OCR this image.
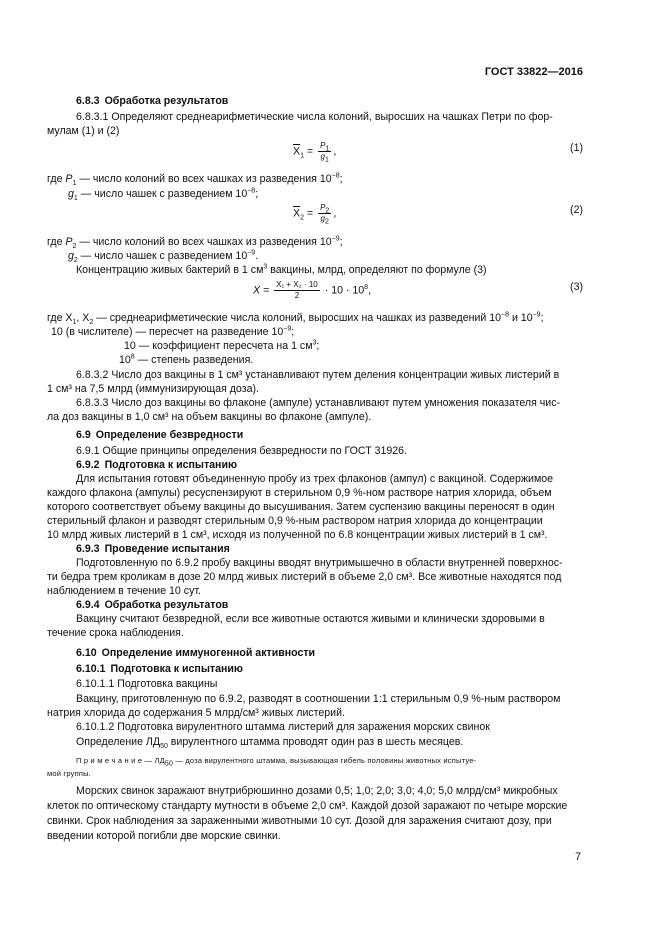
ГОСТ 33822—2016
6.8.3 Обработка результатов
6.8.3.1 Определяют среднеарифметические числа колоний, выросших на чашках Петри по фор-
мулам (1) и (2)
$\overline{X}_1 = \frac{P_1}{g_1}$ ,	(1)
где $P_1$ — число колоний во всех чашках из разведения $10^{-8}$;
$g_1$ — число чашек с разведением $10^{-8}$;
$\overline{X}_2 = \frac{P_2}{g_2}$ ,	(2)
где $P_2$ — число колоний во всех чашках из разведения $10^{-9}$;
$g_2$ — число чашек с разведением $10^{-9}$.
Концентрацию живых бактерий в 1 $см^3$ вакцины, млрд, определяют по формуле (3)
$X = \frac{\text{X₁ + X₂ · 10}}{2} \cdot 10 \cdot 10^8$,	(3)
где $X_1$, $X_2$ — среднеарифметические числа колоний, выросших на чашках из разведений $10^{-8}$ и $10^{-9}$;
10 (в числителе) — пересчет на разведение $10^{-9}$;
10 — коэффициент пересчета на 1 $см^3$;
$10^8$ — степень разведения.
6.8.3.2 Число доз вакцины в 1 см³ устанавливают путем деления концентрации живых листерий в
1 см³ на 7,5 млрд (иммунизирующая доза).
6.8.3.3 Число доз вакцины во флаконе (ампуле) устанавливают путем умножения показателя чис-
ла доз вакцины в 1,0 см³ на объем вакцины во флаконе (ампуле).
6.9 Определение безвредности
6.9.1 Общие принципы определения безвредности по ГОСТ 31926.
6.9.2 Подготовка к испытанию
Для испытания готовят объединенную пробу из трех флаконов (ампул) с вакциной. Содержимое
каждого флакона (ампулы) ресуспензируют в стерильном 0,9 %-ном растворе натрия хлорида, объем
которого соответствует объему вакцины до высушивания. Затем суспензию вакцины переносят в один
стерильный флакон и разводят стерильным 0,9 %-ным раствором натрия хлорида до концентрации
10 млрд живых листерий в 1 см³, исходя из полученной по 6.8 концентрации живых листерий в 1 см³.
6.9.3 Проведение испытания
Подготовленную по 6.9.2 пробу вакцины вводят внутримышечно в области внутренней поверхнос-
ти бедра трем кроликам в дозе 20 млрд живых листерий в объеме 2,0 см³. Все животные находятся под
наблюдением в течение 10 сут.
6.9.4 Обработка результатов
Вакцину считают безвредной, если все животные остаются живыми и клинически здоровыми в
течение срока наблюдения.
6.10 Определение иммуногенной активности
6.10.1 Подготовка к испытанию
6.10.1.1 Подготовка вакцины
Вакцину, приготовленную по 6.9.2, разводят в соотношении 1:1 стерильным 0,9 %-ным раствором
натрия хлорида до содержания 5 млрд/см³ живых листерий.
6.10.1.2 Подготовка вирулентного штамма листерий для заражения морских свинок
Определение $ЛД_{50}$ вирулентного штамма проводят один раз в шесть месяцев.
П р и м е ч а н и е — $ЛД_{50}$ — доза вирулентного штамма, вызывающая гибель половины животных испытуе-
мой группы.
Морских свинок заражают внутрибрюшинно дозами 0,5; 1,0; 2,0; 3,0; 4,0; 5,0 млрд/см³ микробных
клеток по оптическому стандарту мутности в объеме 2,0 см³. Каждой дозой заражают по четыре морские
свинки. Срок наблюдения за зараженными животными 10 сут. Дозой для заражения считают дозу, при
введении которой погибли две морские свинки.
7
